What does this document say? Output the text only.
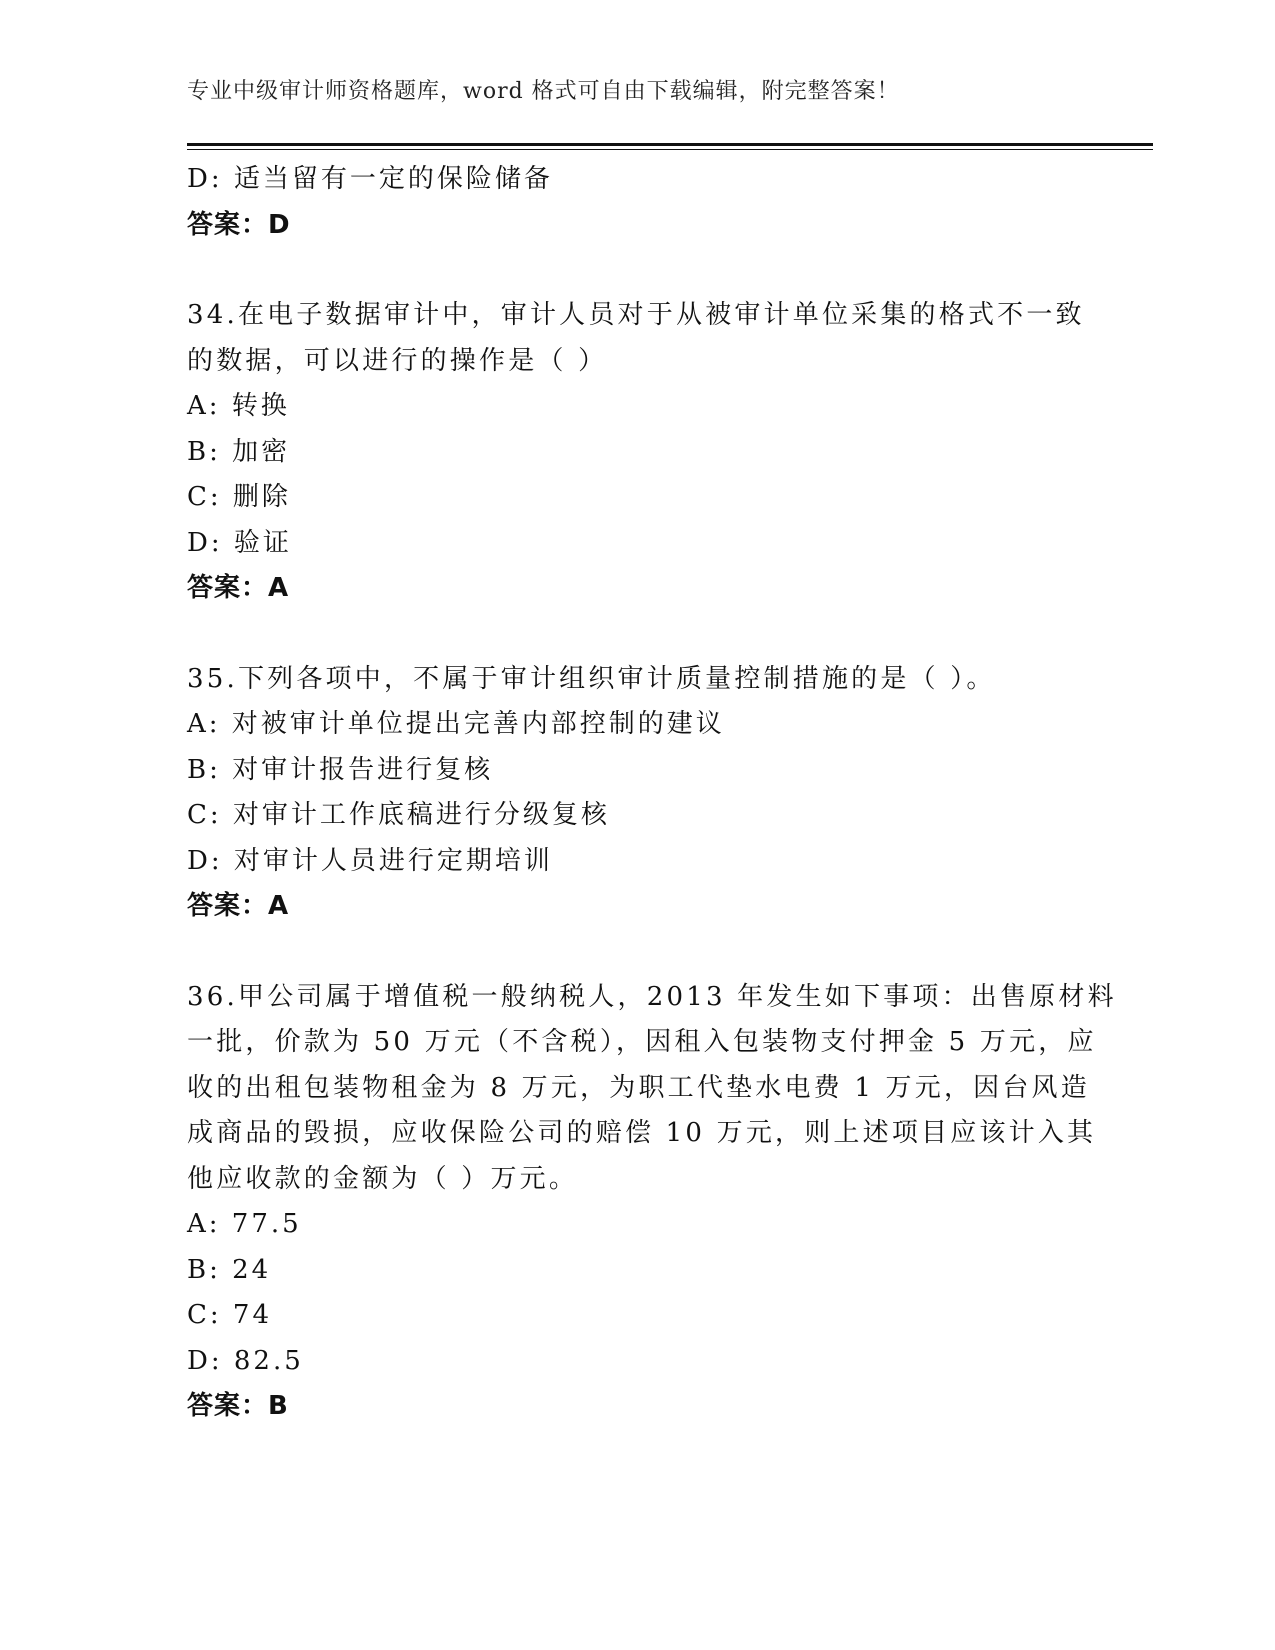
专业中级审计师资格题库，word 格式可自由下载编辑，附完整答案！
D: 适当留有一定的保险储备
答案：D
34.在电子数据审计中，审计人员对于从被审计单位采集的格式不一致
的数据，可以进行的操作是（ ）
A: 转换
B: 加密
C: 删除
D: 验证
答案：A
35.下列各项中，不属于审计组织审计质量控制措施的是（ ）。
A: 对被审计单位提出完善内部控制的建议
B: 对审计报告进行复核
C: 对审计工作底稿进行分级复核
D: 对审计人员进行定期培训
答案：A
36.甲公司属于增值税一般纳税人，2013 年发生如下事项：出售原材料
一批，价款为 50 万元（不含税），因租入包装物支付押金 5 万元，应
收的出租包装物租金为 8 万元，为职工代垫水电费 1 万元，因台风造
成商品的毁损，应收保险公司的赔偿 10 万元，则上述项目应该计入其
他应收款的金额为（ ）万元。
A: 77.5
B: 24
C: 74
D: 82.5
答案：B
